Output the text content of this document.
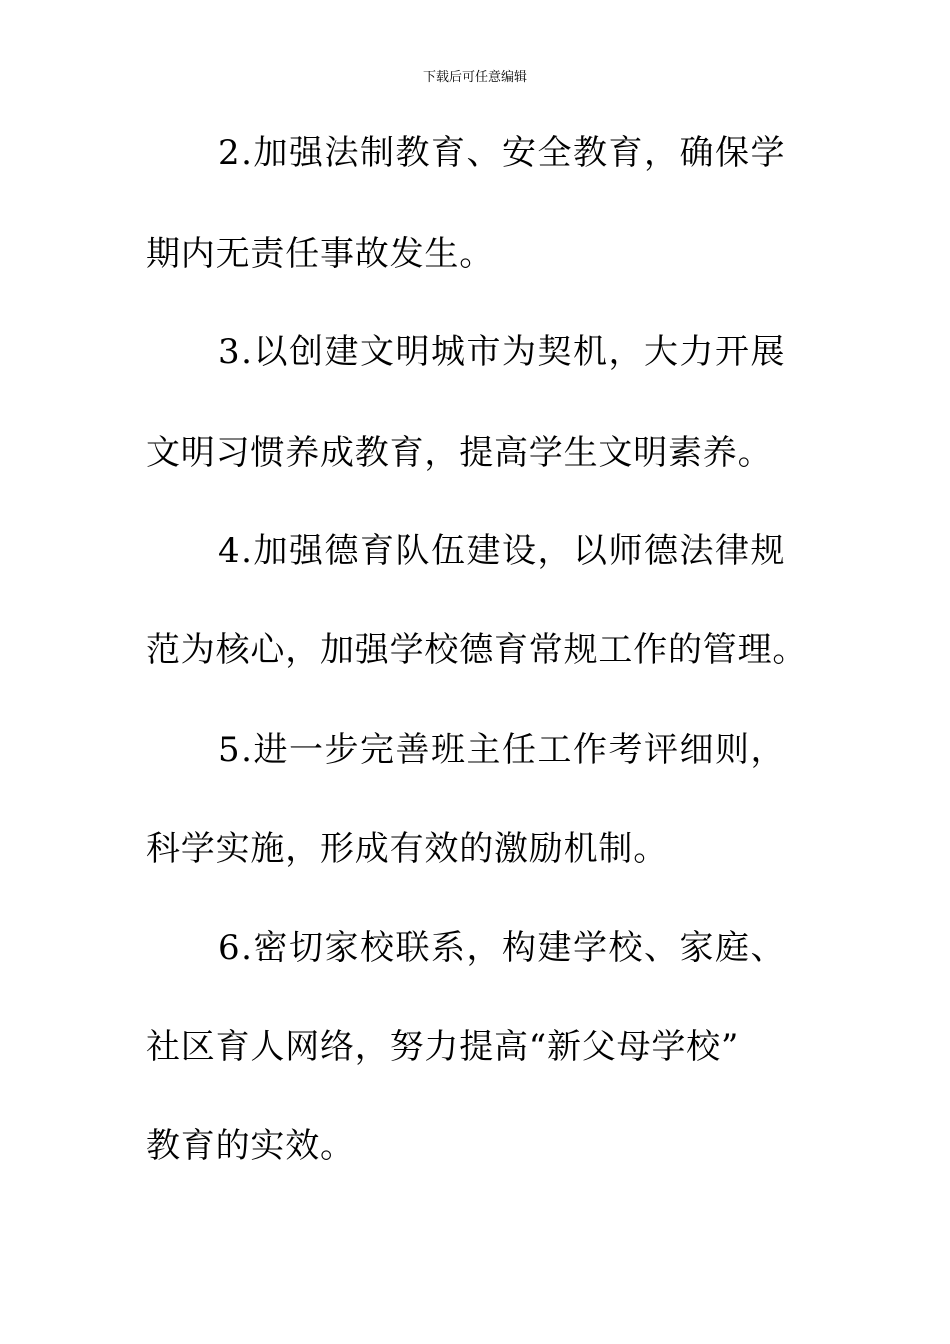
下载后可任意编辑
2.加强法制教育、安全教育，确保学
期内无责任事故发生。
3.以创建文明城市为契机，大力开展
文明习惯养成教育，提高学生文明素养。
4.加强德育队伍建设，以师德法律规
范为核心，加强学校德育常规工作的管理。
5.进一步完善班主任工作考评细则，
科学实施，形成有效的激励机制。
6.密切家校联系，构建学校、家庭、
社区育人网络，努力提高“新父母学校”
教育的实效。
